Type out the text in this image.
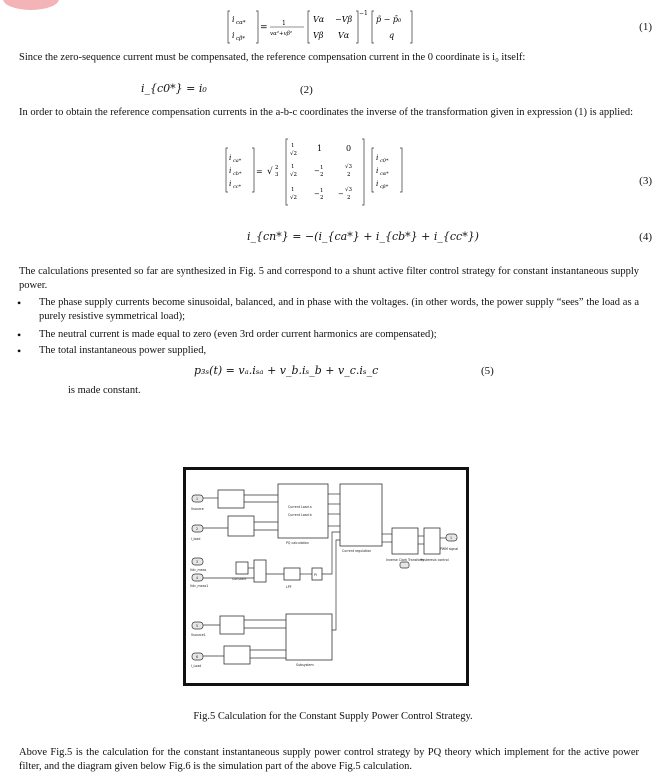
i cα*
i cβ*
= 1
vα²+vβ²
Vα −Vβ
Vβ Vα
−1
p̃ − p̄₀
q
(1)
Since the zero-sequence current must be compensated, the reference compensation current in the 0 coordinate is i₀ itself:
i_{c0*} = i₀	(2)
In order to obtain the reference compensation currents in the a-b-c coordinates the inverse of the transformation given in expression (1) is applied:
i ca*
i cb*
i cc*
= √ 2
3
1
√2
1	0
1
√2 − 1
2
√3
2
1
√2 − 1
2 − √3
2
i c0*
i cα*
i cβ*	(3)
i_{cn*} = −(i_{ca*} + i_{cb*} + i_{cc*})	(4)
The calculations presented so far are synthesized in Fig. 5 and correspond to a shunt active filter control strategy for constant instantaneous supply power.
• The phase supply currents become sinusoidal, balanced, and in phase with the voltages. (in other words, the power supply “sees” the load as a purely resistive symmetrical load);
• The neutral current is made equal to zero (even 3rd order current harmonics are compensated);
• The total instantaneous power supplied,
p₃ₛ(t) = vₐ.iₛₐ + v_b.iₛ_b + v_c.iₛ_c	(5)
is made constant.
1
Vsource
2
I_load
3
Vdc_meas
4
Vdc_meas1
5
Vsource1
6
I_Load
Current Load a
Current Load b
PQ calculation
Current regulation
Constant
LPF
PI
Subsystem
Inverse Clark Transform
Hysteresis control
1
PWM signal
Fig.5 Calculation for the Constant Supply Power Control Strategy.
Above Fig.5 is the calculation for the constant instantaneous supply power control strategy by PQ theory which implement for the active power filter, and the diagram given below Fig.6 is the simulation part of the above Fig.5 calculation.
